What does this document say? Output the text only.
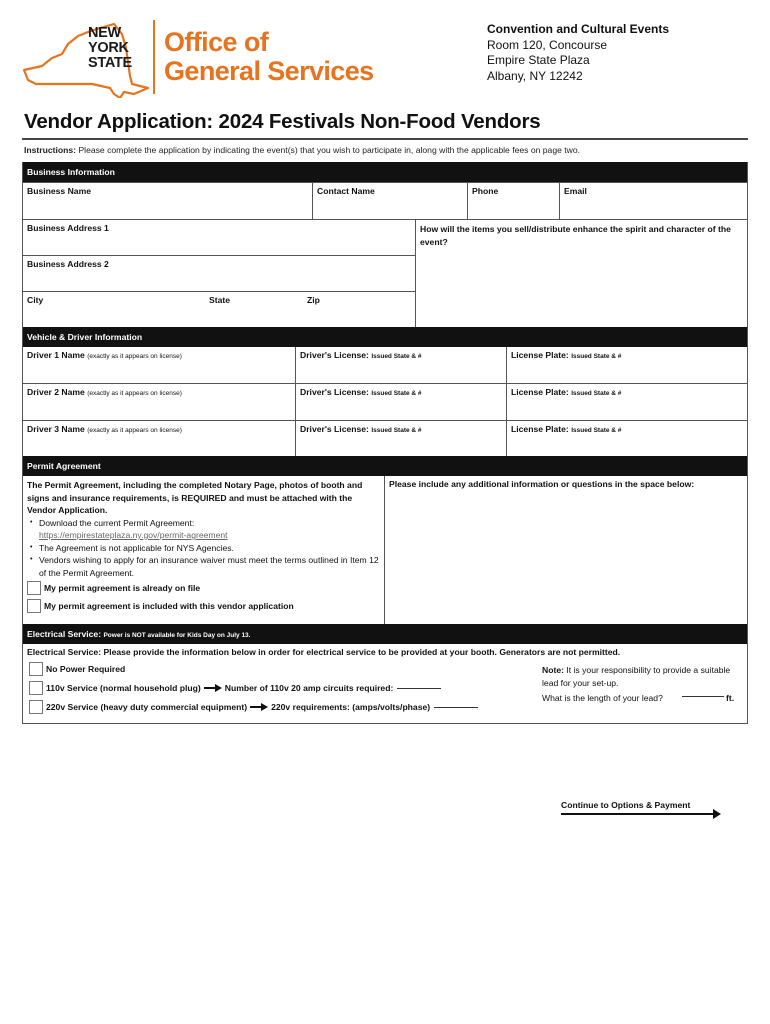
NEW
YORK
STATE
Office of
General Services
Convention and Cultural Events
Room 120, Concourse
Empire State Plaza
Albany, NY 12242
Vendor Application: 2024 Festivals Non-Food Vendors
Instructions: Please complete the application by indicating the event(s) that you wish to participate in, along with the applicable fees on page two.
Business Information
Business Name	Contact Name	Phone	Email
Business Address 1
Business Address 2
City	State	Zip
How will the items you sell/distribute enhance the spirit and character of the event?
Vehicle & Driver Information
Driver 1 Name (exactly as it appears on license)	Driver's License: Issued State & #	License Plate: Issued State & #
Driver 2 Name (exactly as it appears on license)	Driver's License: Issued State & #	License Plate: Issued State & #
Driver 3 Name (exactly as it appears on license)	Driver's License: Issued State & #	License Plate: Issued State & #
Permit Agreement
The Permit Agreement, including the completed Notary Page, photos of booth and signs and insurance requirements, is REQUIRED and must be attached with the Vendor Application.
• Download the current Permit Agreement:
https://empirestateplaza.ny.gov/permit-agreement
• The Agreement is not applicable for NYS Agencies.
• Vendors wishing to apply for an insurance waiver must meet the terms outlined in Item 12 of the Permit Agreement.
My permit agreement is already on file
My permit agreement is included with this vendor application
Please include any additional information or questions in the space below:
Electrical Service: Power is NOT available for Kids Day on July 13.
Electrical Service: Please provide the information below in order for electrical service to be provided at your booth. Generators are not permitted.
No Power Required
110v Service (normal household plug)	Number of 110v 20 amp circuits required:
220v Service (heavy duty commercial equipment)	220v requirements: (amps/volts/phase)
Note: It is your responsibility to provide a suitable lead for your set-up.
What is the length of your lead?	ft.
Continue to Options & Payment
